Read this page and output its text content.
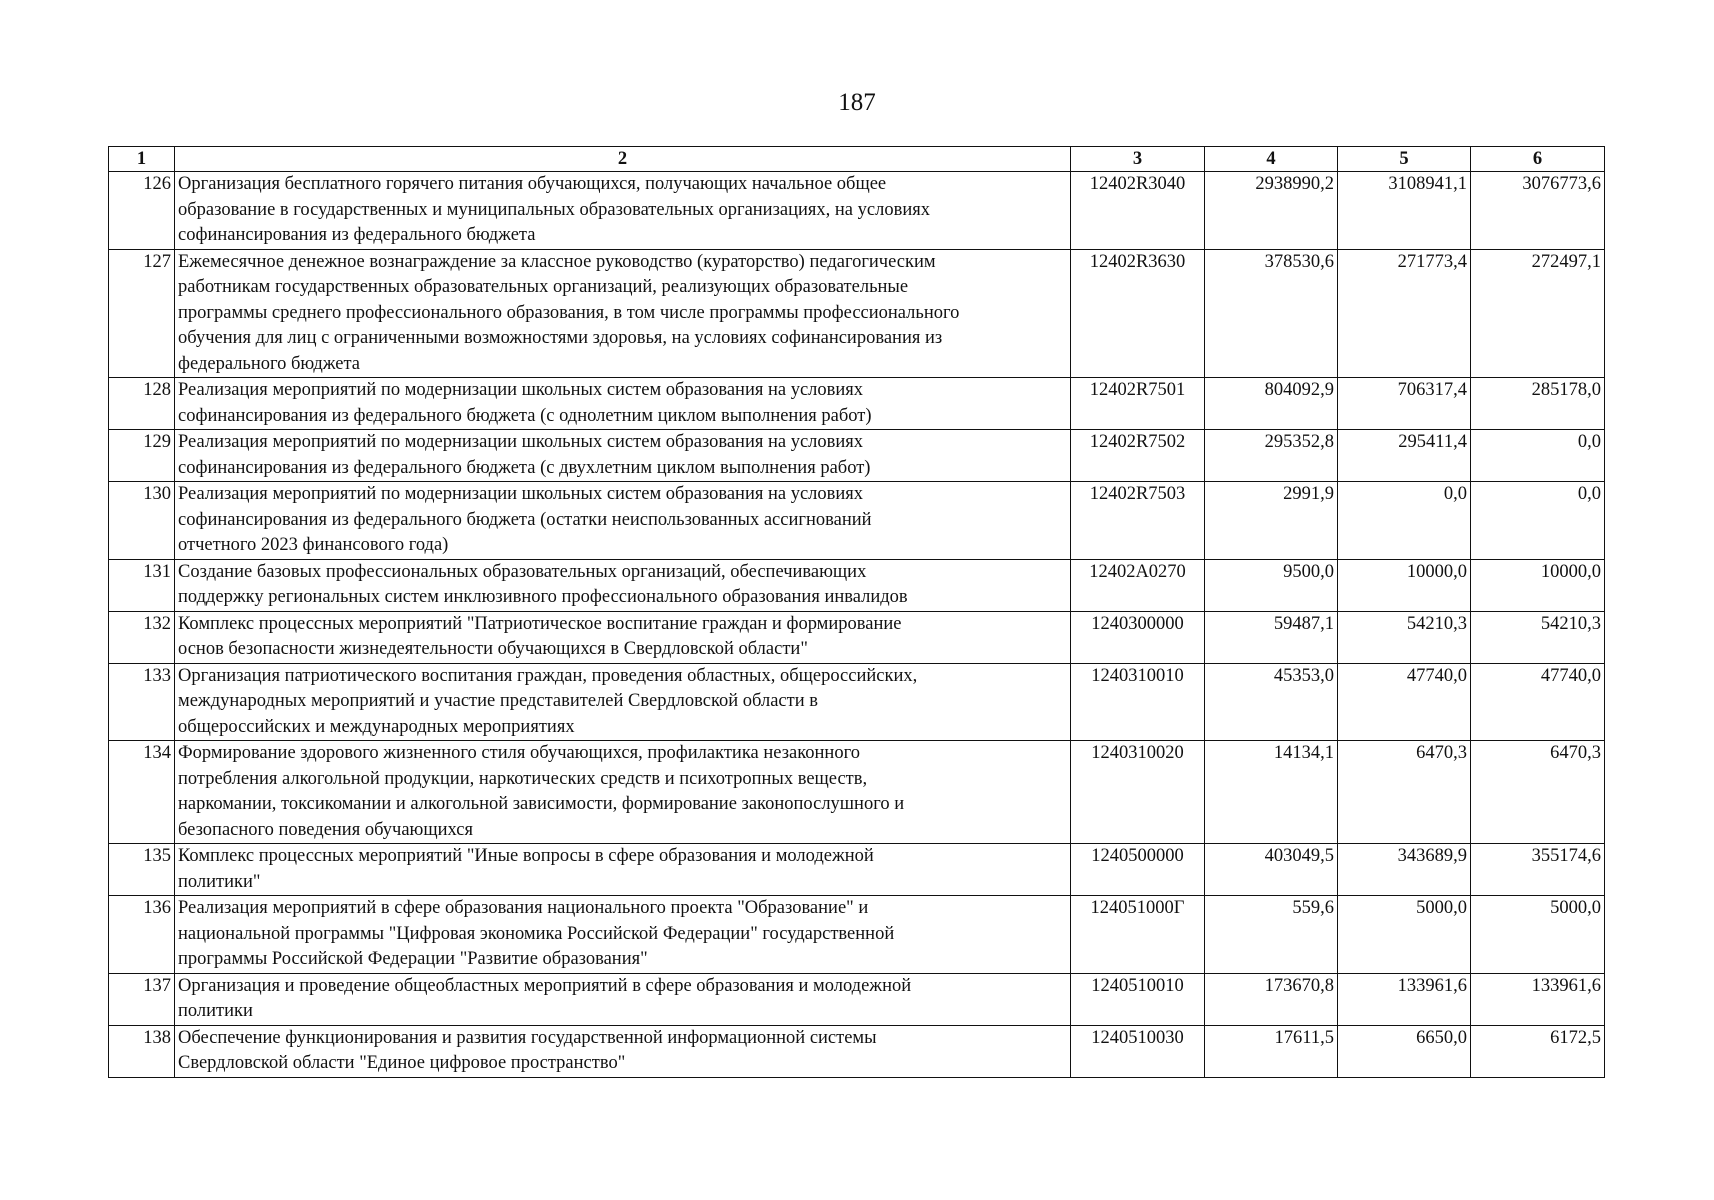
187
1	2	3	4	5	6
126	Организация бесплатного горячего питания обучающихся, получающих начальное общее
образование в государственных и муниципальных образовательных организациях, на условиях
софинансирования из федерального бюджета	12402R3040	2938990,2	3108941,1	3076773,6
127	Ежемесячное денежное вознаграждение за классное руководство (кураторство) педагогическим
работникам государственных образовательных организаций, реализующих образовательные
программы среднего профессионального образования, в том числе программы профессионального
обучения для лиц с ограниченными возможностями здоровья, на условиях софинансирования из
федерального бюджета	12402R3630	378530,6	271773,4	272497,1
128	Реализация мероприятий по модернизации школьных систем образования на условиях
софинансирования из федерального бюджета (с однолетним циклом выполнения работ)	12402R7501	804092,9	706317,4	285178,0
129	Реализация мероприятий по модернизации школьных систем образования на условиях
софинансирования из федерального бюджета (с двухлетним циклом выполнения работ)	12402R7502	295352,8	295411,4	0,0
130	Реализация мероприятий по модернизации школьных систем образования на условиях
софинансирования из федерального бюджета (остатки неиспользованных ассигнований
отчетного 2023 финансового года)	12402R7503	2991,9	0,0	0,0
131	Создание базовых профессиональных образовательных организаций, обеспечивающих
поддержку региональных систем инклюзивного профессионального образования инвалидов	12402A0270	9500,0	10000,0	10000,0
132	Комплекс процессных мероприятий "Патриотическое воспитание граждан и формирование
основ безопасности жизнедеятельности обучающихся в Свердловской области"	1240300000	59487,1	54210,3	54210,3
133	Организация патриотического воспитания граждан, проведения областных, общероссийских,
международных мероприятий и участие представителей Свердловской области в
общероссийских и международных мероприятиях	1240310010	45353,0	47740,0	47740,0
134	Формирование здорового жизненного стиля обучающихся, профилактика незаконного
потребления алкогольной продукции, наркотических средств и психотропных веществ,
наркомании, токсикомании и алкогольной зависимости, формирование законопослушного и
безопасного поведения обучающихся	1240310020	14134,1	6470,3	6470,3
135	Комплекс процессных мероприятий "Иные вопросы в сфере образования и молодежной
политики"	1240500000	403049,5	343689,9	355174,6
136	Реализация мероприятий в сфере образования национального проекта "Образование" и
национальной программы "Цифровая экономика Российской Федерации" государственной
программы Российской Федерации "Развитие образования"	124051000Г	559,6	5000,0	5000,0
137	Организация и проведение общеобластных мероприятий в сфере образования и молодежной
политики	1240510010	173670,8	133961,6	133961,6
138	Обеспечение функционирования и развития государственной информационной системы
Свердловской области "Единое цифровое пространство"	1240510030	17611,5	6650,0	6172,5
